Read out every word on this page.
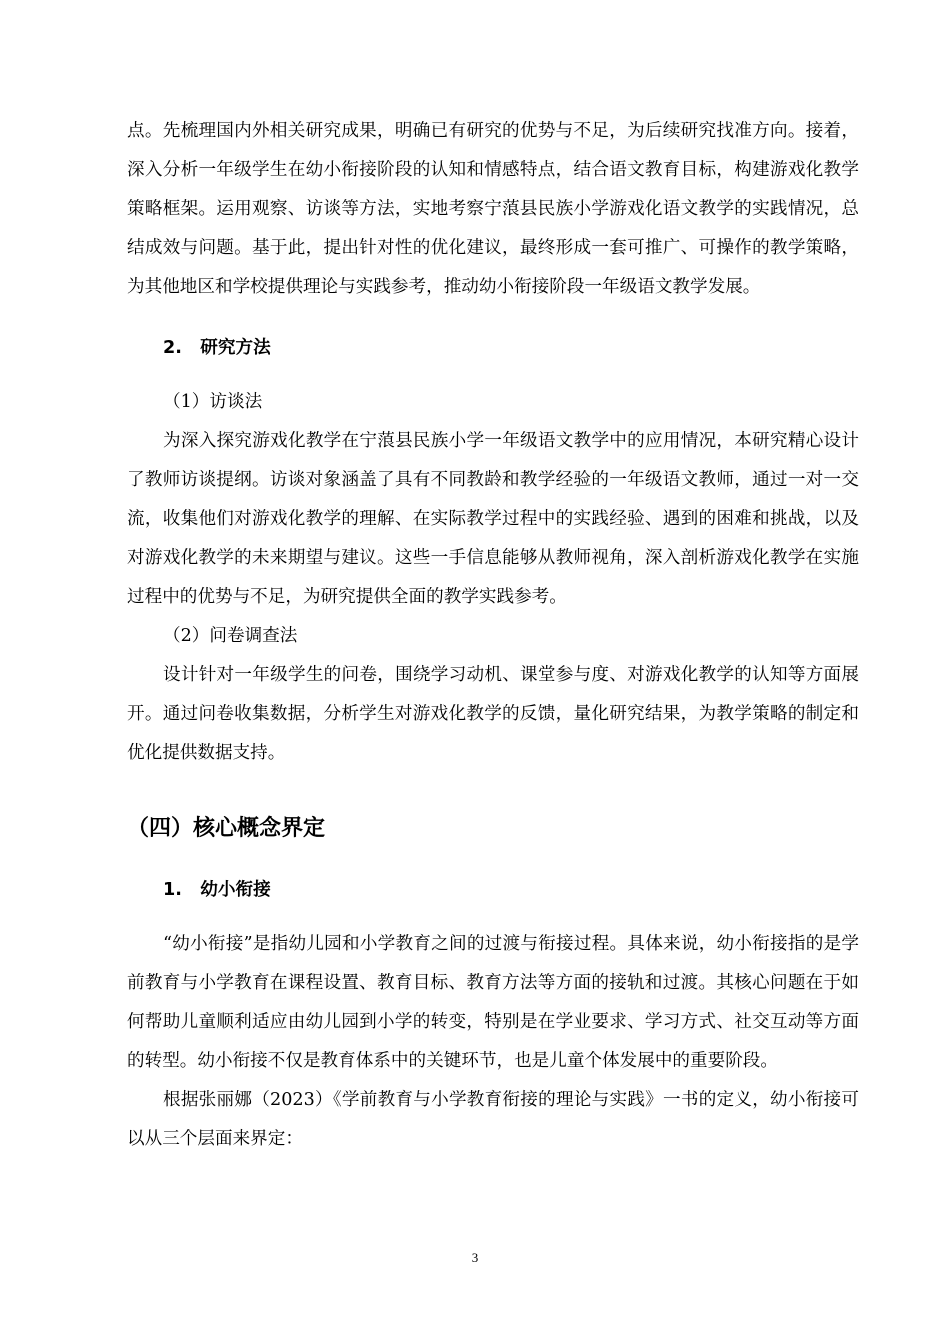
点。先梳理国内外相关研究成果，明确已有研究的优势与不足，为后续研究找准方向。接着，深入分析一年级学生在幼小衔接阶段的认知和情感特点，结合语文教育目标，构建游戏化教学策略框架。运用观察、访谈等方法，实地考察宁蒗县民族小学游戏化语文教学的实践情况，总结成效与问题。基于此，提出针对性的优化建议，最终形成一套可推广、可操作的教学策略，为其他地区和学校提供理论与实践参考，推动幼小衔接阶段一年级语文教学发展。

2.   研究方法

（1）访谈法

为深入探究游戏化教学在宁蒗县民族小学一年级语文教学中的应用情况，本研究精心设计了教师访谈提纲。访谈对象涵盖了具有不同教龄和教学经验的一年级语文教师，通过一对一交流，收集他们对游戏化教学的理解、在实际教学过程中的实践经验、遇到的困难和挑战，以及对游戏化教学的未来期望与建议。这些一手信息能够从教师视角，深入剖析游戏化教学在实施过程中的优势与不足，为研究提供全面的教学实践参考。

（2）问卷调查法

设计针对一年级学生的问卷，围绕学习动机、课堂参与度、对游戏化教学的认知等方面展开。通过问卷收集数据，分析学生对游戏化教学的反馈，量化研究结果，为教学策略的制定和优化提供数据支持。

（四）核心概念界定

1.   幼小衔接

“幼小衔接”是指幼儿园和小学教育之间的过渡与衔接过程。具体来说，幼小衔接指的是学前教育与小学教育在课程设置、教育目标、教育方法等方面的接轨和过渡。其核心问题在于如何帮助儿童顺利适应由幼儿园到小学的转变，特别是在学业要求、学习方式、社交互动等方面的转型。幼小衔接不仅是教育体系中的关键环节，也是儿童个体发展中的重要阶段。

根据张丽娜（2023）《学前教育与小学教育衔接的理论与实践》一书的定义，幼小衔接可以从三个层面来界定：

3
